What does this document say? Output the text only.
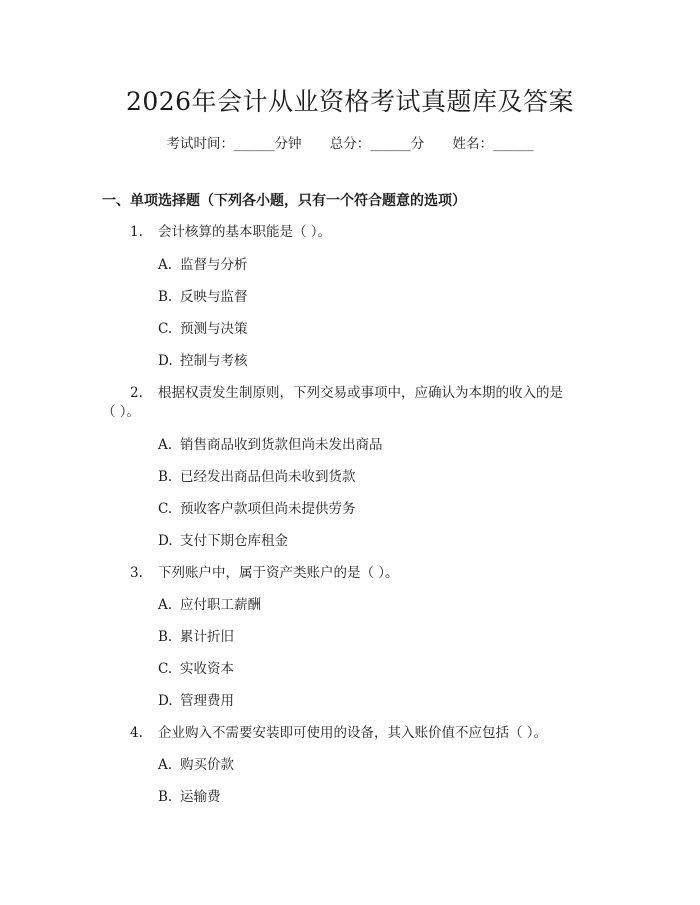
2026年会计从业资格考试真题库及答案
考试时间：______分钟 总分：______分 姓名：______
一、单项选择题（下列各小题，只有一个符合题意的选项）
1. 会计核算的基本职能是（ ）。
A. 监督与分析
B. 反映与监督
C. 预测与决策
D. 控制与考核
2. 根据权责发生制原则，下列交易或事项中，应确认为本期的收入的是
（ ）。
A. 销售商品收到货款但尚未发出商品
B. 已经发出商品但尚未收到货款
C. 预收客户款项但尚未提供劳务
D. 支付下期仓库租金
3. 下列账户中，属于资产类账户的是（ ）。
A. 应付职工薪酬
B. 累计折旧
C. 实收资本
D. 管理费用
4. 企业购入不需要安装即可使用的设备，其入账价值不应包括（ ）。
A. 购买价款
B. 运输费
